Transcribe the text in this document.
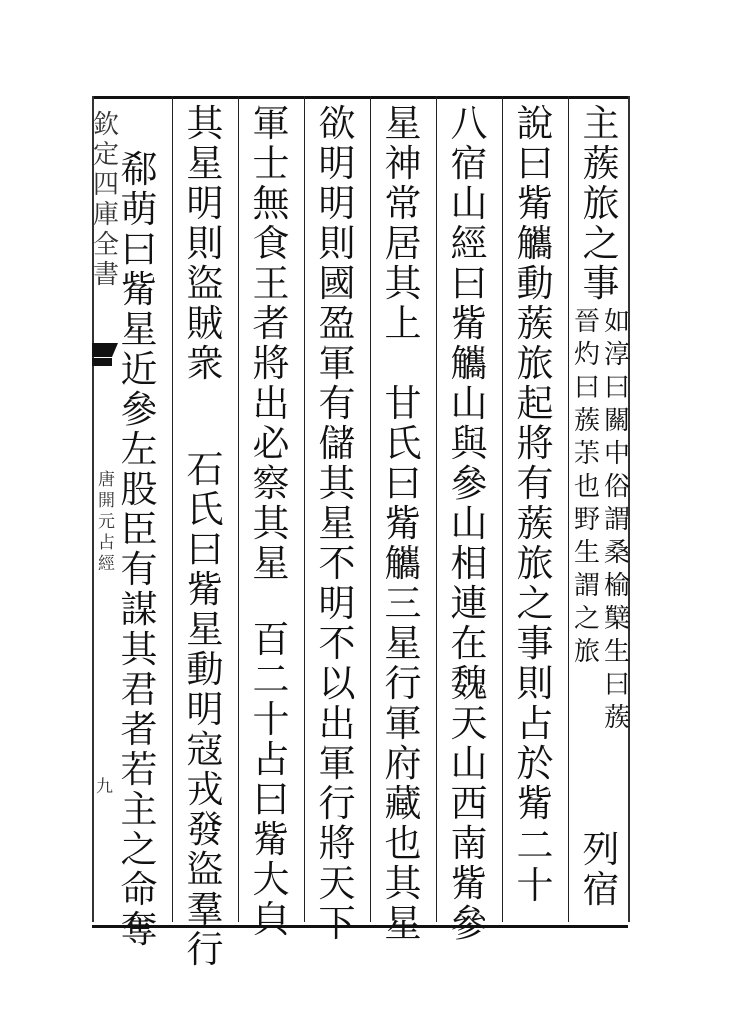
欽
定
四
庫
全
書
唐
開
元
占
經
九
主
蔟
旅
之
事
如
淳
曰
關
中
俗
謂
桑
榆
櫱
生
曰
蔟
晉
灼
曰
蔟
茮
也
野
生
謂
之
旅
列
宿
說
曰
觜
觿
動
蔟
旅
起
將
有
蔟
旅
之
事
則
占
於
觜
二
十
八
宿
山
經
曰
觜
觿
山
與
參
山
相
連
在
魏
天
山
西
南
觜
參
星
神
常
居
其
上
甘
氏
曰
觜
觿
三
星
行
軍
府
藏
也
其
星
欲
明
明
則
國
盈
軍
有
儲
其
星
不
明
不
以
出
軍
行
將
天
下
軍
士
無
食
王
者
將
出
必
察
其
星
百
二
十
占
曰
觜
大
㒵
其
星
明
則
盜
賊
衆
石
氏
曰
觜
星
動
明
寇
戎
發
盜
羣
行
郗
萌
曰
觜
星
近
參
左
股
臣
有
謀
其
君
者
若
主
之
命
奪
